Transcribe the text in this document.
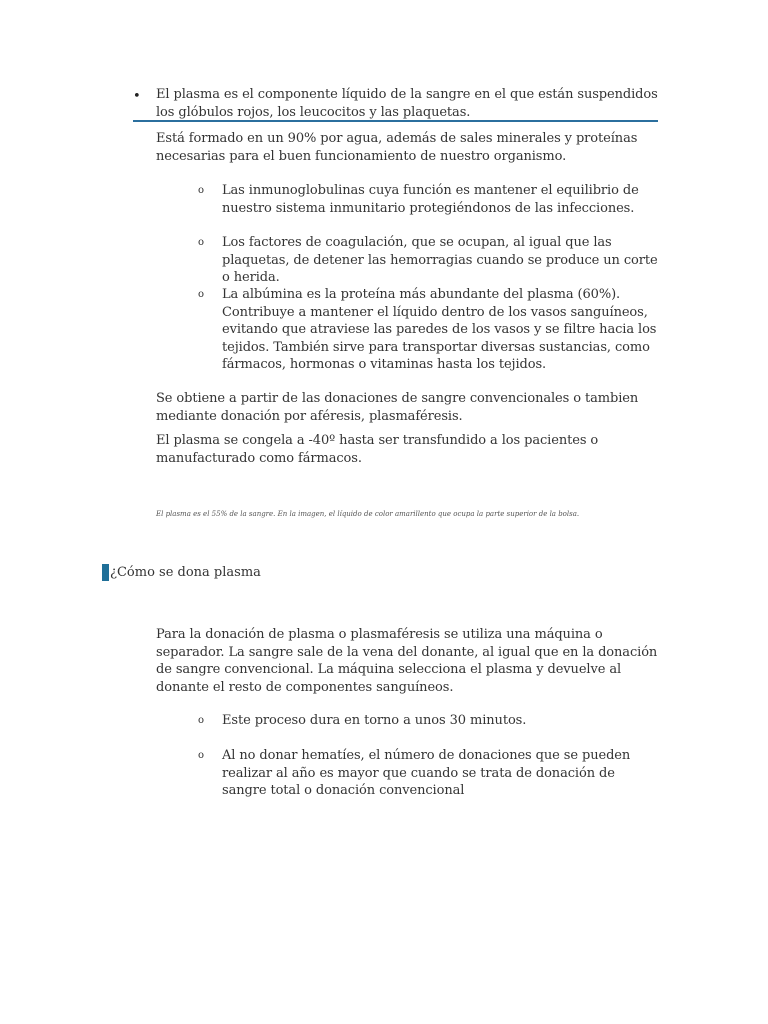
• El plasma es el componente líquido de la sangre en el que están suspendidos los glóbulos rojos, los leucocitos y las plaquetas.
Está formado en un 90% por agua, además de sales minerales y proteínas necesarias para el buen funcionamiento de nuestro organismo.
o Las inmunoglobulinas cuya función es mantener el equilibrio de nuestro sistema inmunitario protegiéndonos de las infecciones.
o Los factores de coagulación, que se ocupan, al igual que las plaquetas, de detener las hemorragias cuando se produce un corte o herida.
o La albúmina es la proteína más abundante del plasma (60%). Contribuye a mantener el líquido dentro de los vasos sanguíneos, evitando que atraviese las paredes de los vasos y se filtre hacia los tejidos. También sirve para transportar diversas sustancias, como fármacos, hormonas o vitaminas hasta los tejidos.
Se obtiene a partir de las donaciones de sangre convencionales o tambien mediante donación por aféresis, plasmaféresis.
El plasma se congela a -40º hasta ser transfundido a los pacientes o manufacturado como fármacos.
El plasma es el 55% de la sangre. En la imagen, el líquido de color amarillento que ocupa la parte superior de la bolsa.
¿Cómo se dona plasma
Para la donación de plasma o plasmaféresis se utiliza una máquina o separador. La sangre sale de la vena del donante, al igual que en la donación de sangre convencional. La máquina selecciona el plasma y devuelve al donante el resto de componentes sanguíneos.
o Este proceso dura en torno a unos 30 minutos.
o Al no donar hematíes, el número de donaciones que se pueden realizar al año es mayor que cuando se trata de donación de sangre total o donación convencional
